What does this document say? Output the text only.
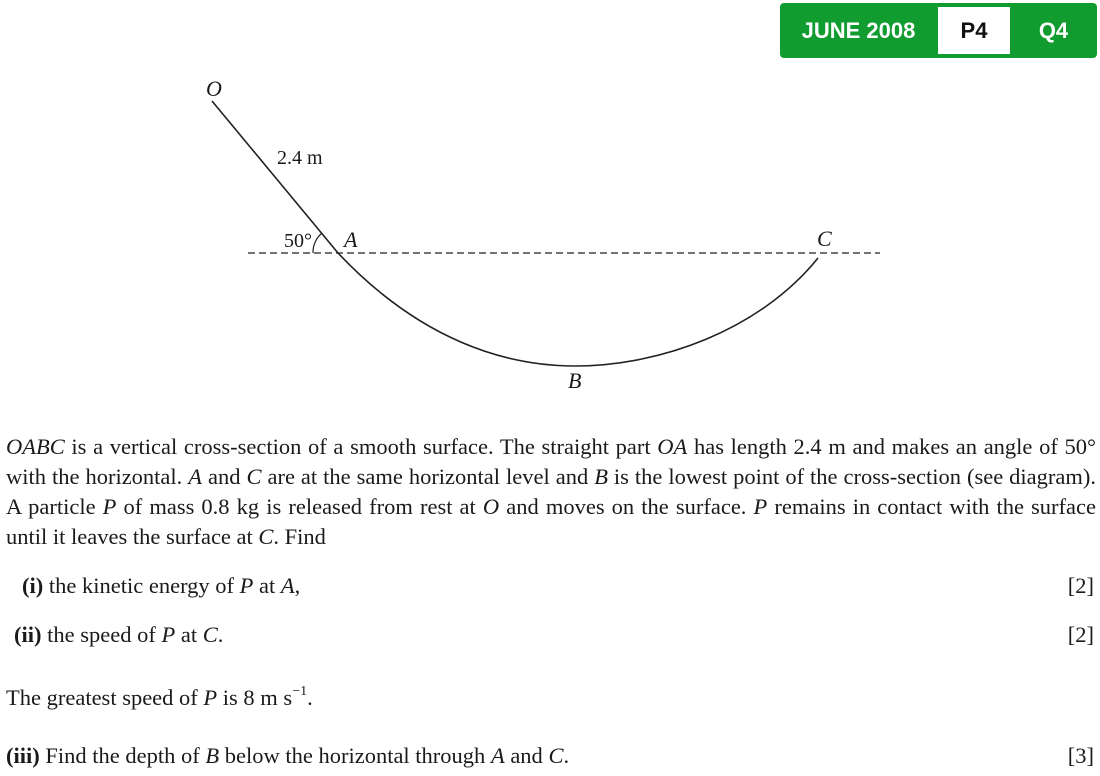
JUNE 2008	P4	Q4
O
2.4 m
50° A	C
B
OABC is a vertical cross-section of a smooth surface. The straight part OA has length 2.4 m and makes an angle of 50° with the horizontal. A and C are at the same horizontal level and B is the lowest point of the cross-section (see diagram). A particle P of mass 0.8 kg is released from rest at O and moves on the surface. P remains in contact with the surface until it leaves the surface at C. Find
(i) the kinetic energy of P at A,	[2]
(ii) the speed of P at C.	[2]
The greatest speed of P is 8 m $s^{-1}$.
(iii) Find the depth of B below the horizontal through A and C.	[3]
